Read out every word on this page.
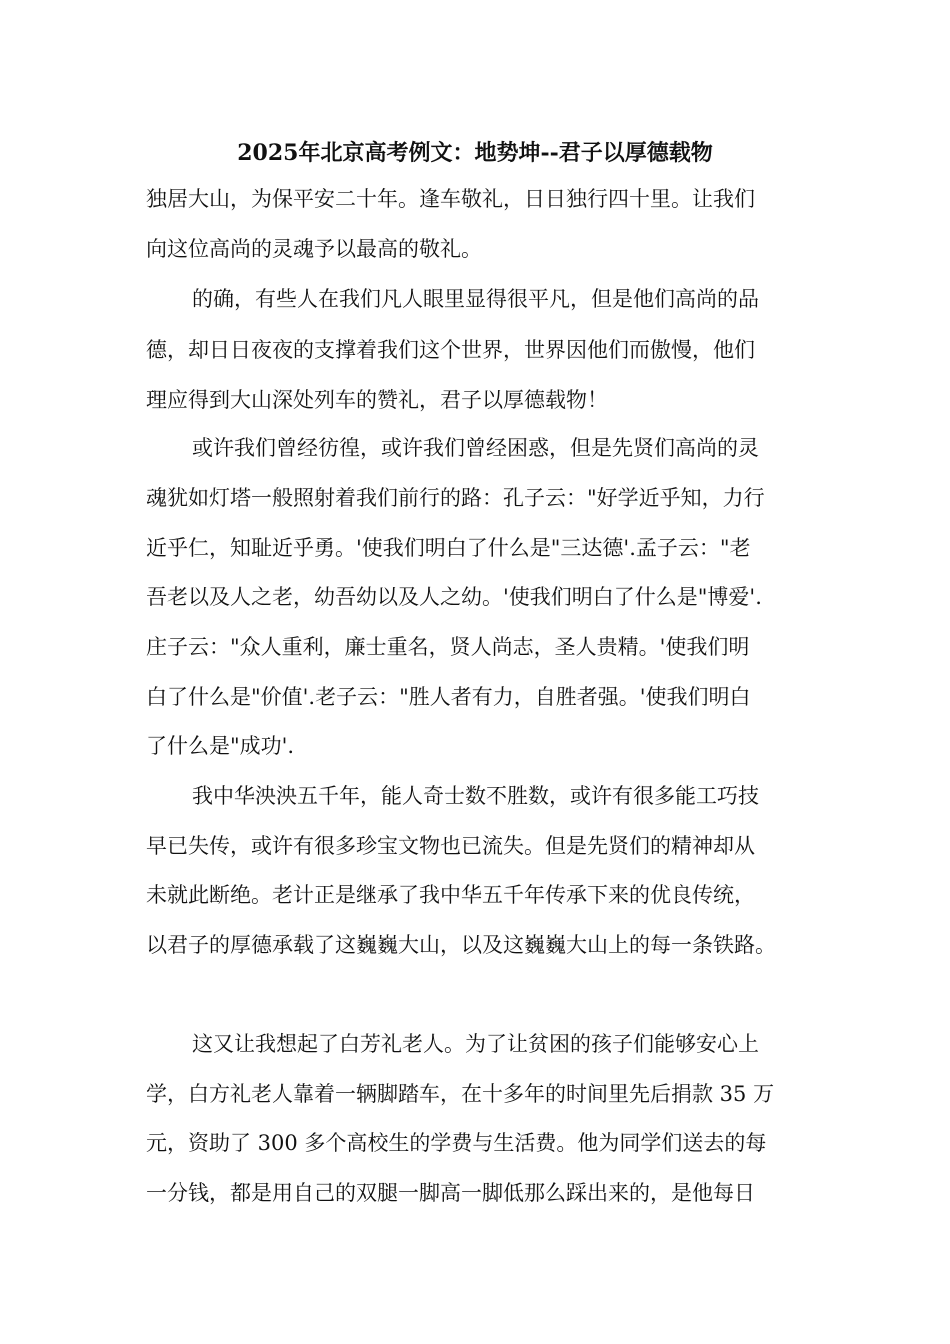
2025年北京高考例文：地势坤--君子以厚德载物

独居大山，为保平安二十年。逢车敬礼，日日独行四十里。让我们

向这位高尚的灵魂予以最高的敬礼。

的确，有些人在我们凡人眼里显得很平凡，但是他们高尚的品

德，却日日夜夜的支撑着我们这个世界，世界因他们而傲慢，他们

理应得到大山深处列车的赞礼，君子以厚德载物！

或许我们曾经彷徨，或许我们曾经困惑，但是先贤们高尚的灵

魂犹如灯塔一般照射着我们前行的路：孔子云："好学近乎知，力行

近乎仁，知耻近乎勇。'使我们明白了什么是"三达德'.孟子云："老

吾老以及人之老，幼吾幼以及人之幼。'使我们明白了什么是"博爱'.

庄子云："众人重利，廉士重名，贤人尚志，圣人贵精。'使我们明

白了什么是"价值'.老子云："胜人者有力，自胜者强。'使我们明白

了什么是"成功'.

我中华泱泱五千年，能人奇士数不胜数，或许有很多能工巧技

早已失传，或许有很多珍宝文物也已流失。但是先贤们的精神却从

未就此断绝。老计正是继承了我中华五千年传承下来的优良传统，

以君子的厚德承载了这巍巍大山，以及这巍巍大山上的每一条铁路。

这又让我想起了白芳礼老人。为了让贫困的孩子们能够安心上

学，白方礼老人靠着一辆脚踏车，在十多年的时间里先后捐款 35 万

元，资助了 300 多个高校生的学费与生活费。他为同学们送去的每

一分钱，都是用自己的双腿一脚高一脚低那么踩出来的，是他每日
